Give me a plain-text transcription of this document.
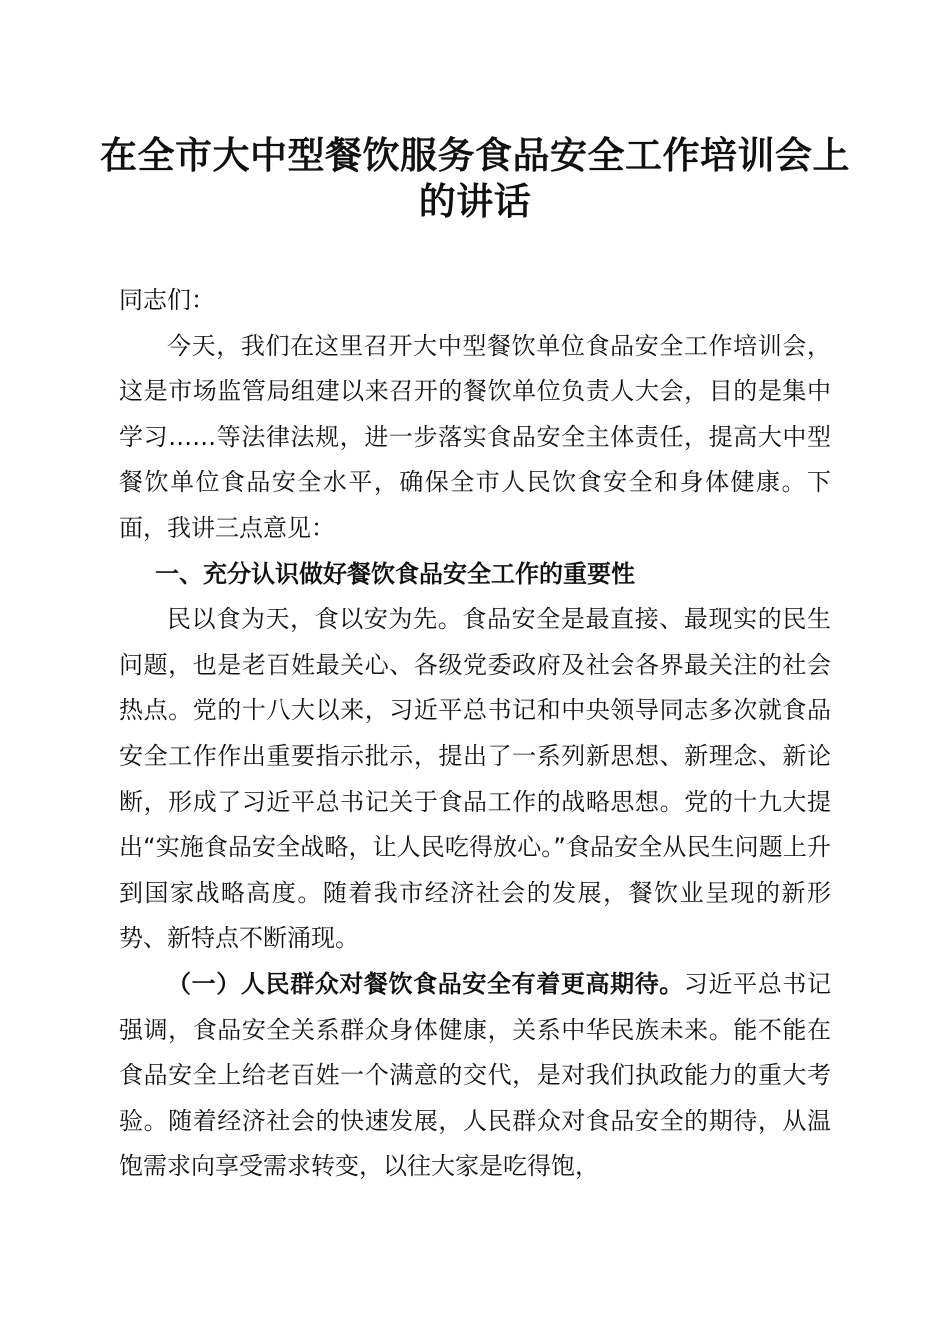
在全市大中型餐饮服务食品安全工作培训会上
的讲话

同志们：

今天，我们在这里召开大中型餐饮单位食品安全工作培训会，这是市场监管局组建以来召开的餐饮单位负责人大会，目的是集中学习……等法律法规，进一步落实食品安全主体责任，提高大中型餐饮单位食品安全水平，确保全市人民饮食安全和身体健康。下面，我讲三点意见：

一、充分认识做好餐饮食品安全工作的重要性

民以食为天，食以安为先。食品安全是最直接、最现实的民生问题，也是老百姓最关心、各级党委政府及社会各界最关注的社会热点。党的十八大以来，习近平总书记和中央领导同志多次就食品安全工作作出重要指示批示，提出了一系列新思想、新理念、新论断，形成了习近平总书记关于食品工作的战略思想。党的十九大提出“实施食品安全战略，让人民吃得放心。”食品安全从民生问题上升到国家战略高度。随着我市经济社会的发展，餐饮业呈现的新形势、新特点不断涌现。

（一）人民群众对餐饮食品安全有着更高期待。习近平总书记强调，食品安全关系群众身体健康，关系中华民族未来。能不能在食品安全上给老百姓一个满意的交代，是对我们执政能力的重大考验。随着经济社会的快速发展，人民群众对食品安全的期待，从温饱需求向享受需求转变，以往大家是吃得饱，
